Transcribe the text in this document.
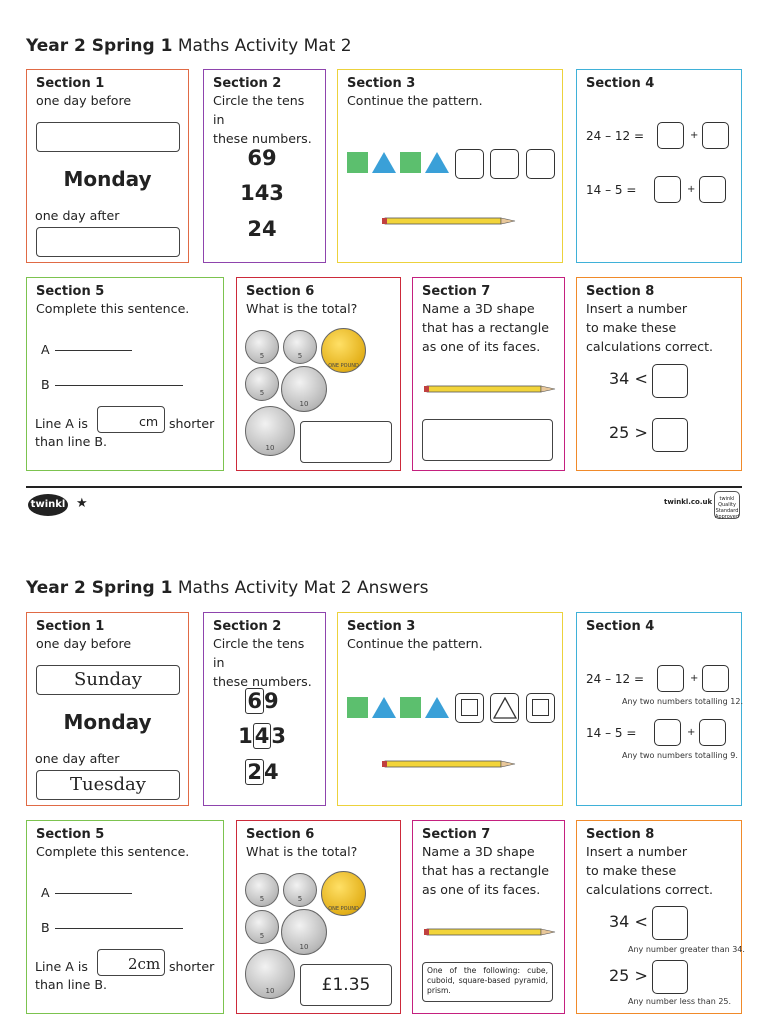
Year 2 Spring 1 Maths Activity Mat 2
Section 1
one day before
Monday
one day after
Section 2
Circle the tens in
these numbers.
69
143
24
Section 3
Continue the pattern.
Section 4
24 – 12 =	+
14 – 5 =	+
Section 5
Complete this sentence.
A
B
Line A is	cm shorter
than line B.
Section 6
What is the total?
5	5
ONE POUND
5
10
10
Section 7
Name a 3D shape
that has a rectangle
as one of its faces.
Section 8
Insert a number
to make these
calculations correct.
34 <
25 >
twinkl ★	twinkl.co.uk	twinkl Quality Standard Approved
Year 2 Spring 1 Maths Activity Mat 2 Answers
Section 1
one day before
Sunday
Monday
one day after
Tuesday
Section 2
Circle the tens in
these numbers.
69
143
24
Section 3
Continue the pattern.
Section 4
24 – 12 =	+
Any two numbers totalling 12.
14 – 5 =	+
Any two numbers totalling 9.
Section 5
Complete this sentence.
A
B
Line A is	2cm shorter
than line B.
Section 6
What is the total?
5	5
ONE POUND
5
10
10	£1.35
Section 7
Name a 3D shape
that has a rectangle
as one of its faces.
One of the following: cube, cuboid, square-based pyramid, prism.
Section 8
Insert a number
to make these
calculations correct.
34 <
Any number greater than 34.
25 >
Any number less than 25.
